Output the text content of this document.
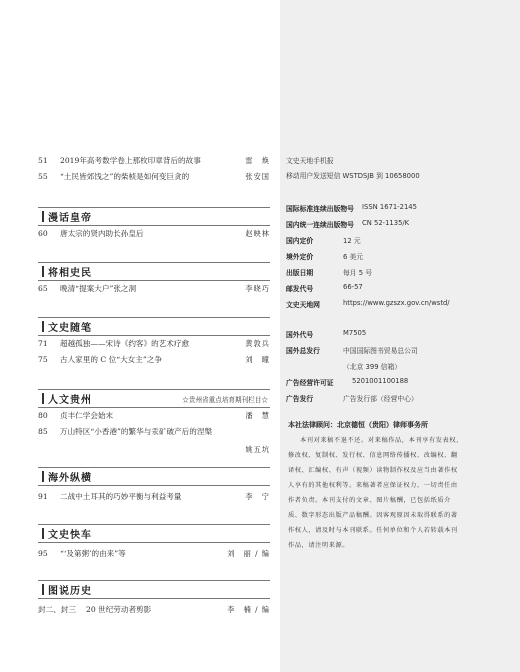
51 2019年高考数学卷上那枚印章背后的故事	雷　焕
55 “土民皆郊饯之”的柴桢是如何变巨贪的	张安国
漫话皇帝
60 唐太宗的贤内助长孙皇后	赵映林
将相史民
65 晚清“提案大户”张之洞	李晓巧
文史随笔
71 超越孤独——宋诗《约客》的艺术疗愈	黄敦兵
75 古人家里的 C 位“大女主”之争	刘　曈
人文贵州	☆贵州省重点培育期刊栏目☆
80 贞丰仁学会始末	潘　慧
85 万山特区“小香港”的繁华与汞矿破产后的涅槃
姚五坑
海外纵横
91 二战中土耳其的巧妙平衡与利益考量	李　宁
文史快车
95 “‘及第粥’的由来”等	刘　丽 / 编
图说历史
封二、封三 20 世纪劳动者剪影	李　楠 / 编
文史天地手机报
移动用户发送短信 WSTDSJB 到 10658000
国际标准连续出版物号 ISSN 1671-2145
国内统一连续出版物号 CN 52-1135/K
国内定价	12 元
境外定价	6 美元
出版日期	每月 5 号
邮发代号	66-57
文史天地网	https://www.gzszx.gov.cn/wstd/
国外代号	M7505
国外总发行	中国国际图书贸易总公司
（北京 399 信箱）
广告经营许可证	5201001100188
广告发行	广告发行部（经营中心）
本社法律顾问：北京德恒（贵阳）律师事务所
本刊对来稿不退不还。对来稿作品，本刊享有发表权、修改权、复制权、发行权、信息网络传播权、改编权、翻译权、汇编权、有声（视频）读物制作权及应当由著作权人享有的其他权利等。来稿著者应保证权力，一切责任由作者负责。本刊支付的文章、图片稿酬，已包括纸质介质、数字形态出版产品稿酬。因客观原因未取得联系的著作权人，请及时与本刊联系。任何单位和个人若转载本刊作品，请注明来源。
